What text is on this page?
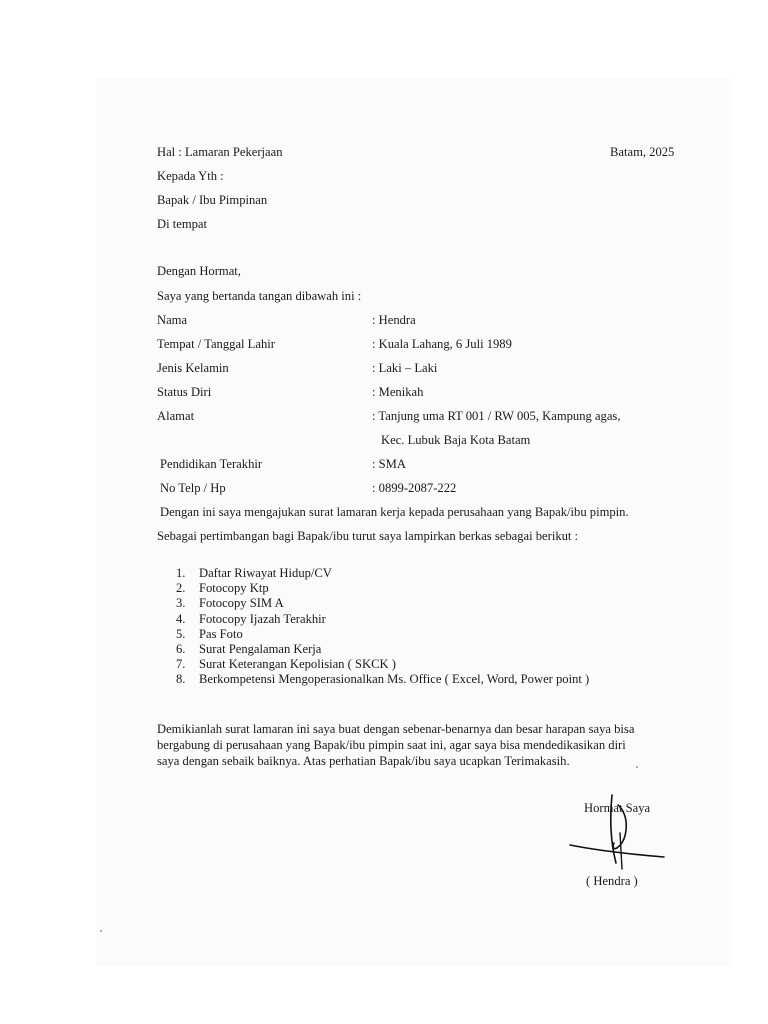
Hal : Lamaran Pekerjaan	Batam, 2025
Kepada Yth :
Bapak / Ibu Pimpinan
Di tempat
Dengan Hormat,
Saya yang bertanda tangan dibawah ini :
Nama	: Hendra
Tempat / Tanggal Lahir	: Kuala Lahang, 6 Juli 1989
Jenis Kelamin	: Laki – Laki
Status Diri	: Menikah
Alamat	: Tanjung uma RT 001 / RW 005, Kampung agas,
Kec. Lubuk Baja Kota Batam
Pendidikan Terakhir	: SMA
No Telp / Hp	: 0899-2087-222
Dengan ini saya mengajukan surat lamaran kerja kepada perusahaan yang Bapak/ibu pimpin.
Sebagai pertimbangan bagi Bapak/ibu turut saya lampirkan berkas sebagai berikut :
1. Daftar Riwayat Hidup/CV
2. Fotocopy Ktp
3. Fotocopy SIM A
4. Fotocopy Ijazah Terakhir
5. Pas Foto
6. Surat Pengalaman Kerja
7. Surat Keterangan Kepolisian ( SKCK )
8. Berkompetensi Mengoperasionalkan Ms. Office ( Excel, Word, Power point )
Demikianlah surat lamaran ini saya buat dengan sebenar-benarnya dan besar harapan saya bisa
bergabung di perusahaan yang Bapak/ibu pimpin saat ini, agar saya bisa mendedikasikan diri
saya dengan sebaik baiknya. Atas perhatian Bapak/ibu saya ucapkan Terimakasih.
Hormat Saya
( Hendra )
